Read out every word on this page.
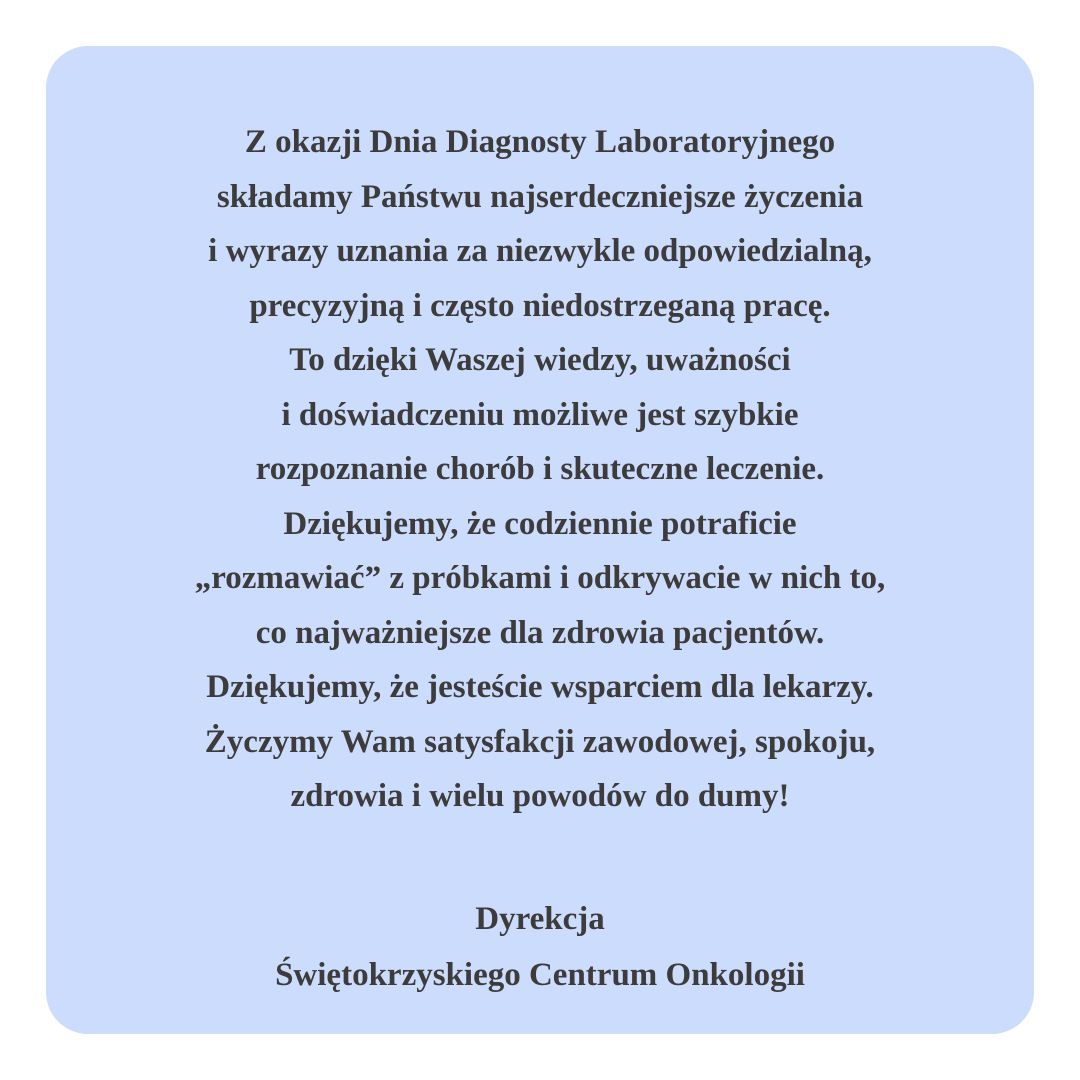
Z okazji Dnia Diagnosty Laboratoryjnego
składamy Państwu najserdeczniejsze życzenia
i wyrazy uznania za niezwykle odpowiedzialną,
precyzyjną i często niedostrzeganą pracę.
To dzięki Waszej wiedzy, uważności
i doświadczeniu możliwe jest szybkie
rozpoznanie chorób i skuteczne leczenie.
Dziękujemy, że codziennie potraficie
„rozmawiać” z próbkami i odkrywacie w nich to,
co najważniejsze dla zdrowia pacjentów.
Dziękujemy, że jesteście wsparciem dla lekarzy.
Życzymy Wam satysfakcji zawodowej, spokoju,
zdrowia i wielu powodów do dumy!
Dyrekcja
Świętokrzyskiego Centrum Onkologii
